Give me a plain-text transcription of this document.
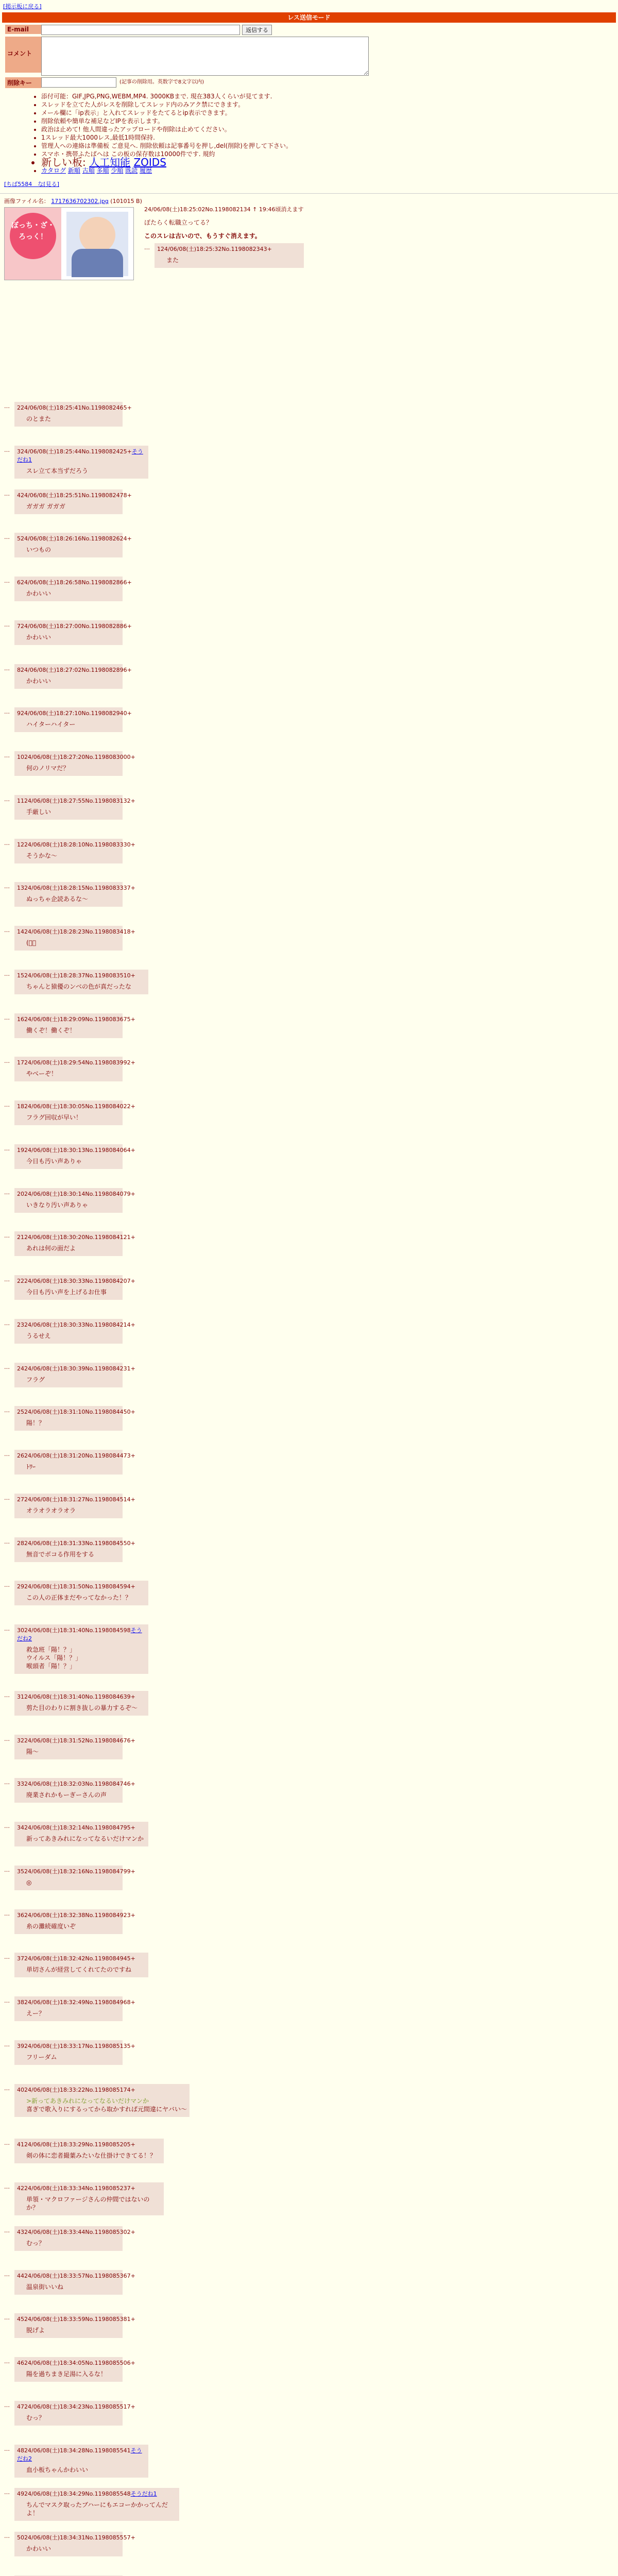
[掲示板に戻る]
レス送信モード
E-mail	返信する
コメント
削除キー	(記事の削除用。英数字で8文字以内)
• 添付可能：GIF,JPG,PNG,WEBM,MP4. 3000KBまで. 現在383人くらいが見てます.
• スレッドを立てた人がレスを削除してスレッド内のみアク禁にできます。
• メール欄に「ip表示」と入れてスレッドをたてるとip表示できます。
• 削除依頼や簡単な補足などIPを表示します。
• 政治は止めて! 他人間違ったアップロードや削除は止めてください。
• 1スレッド最大1000レス,最低1時間保持.
• 管理人への連絡は準備板 ご意見へ. 削除依頼は記事番号を押し,del(削除)を押して下さい。
• スマホ・携帯ふたばへは この板の保存数は10000件です. 規約
• 新しい板: 人工知能 ZOIDS
• カタログ 新順 古順 多順 少順 既読 履歴
[ちば5584　な[見る]
画像ファイル名： 1717636702302.jpg (101015 B)
ぼっち・ざ・ろっく！
24/06/08(土)18:25:02No.1198082134 ↑ 19:46頃消えます
ぼたらく転職立ってる？
このスレは古いので、もうすぐ消えます。
…	124/06/08(土)18:25:32No.1198082343+
また
…	224/06/08(土)18:25:41No.1198082465+
のとまた
…	324/06/08(土)18:25:44No.1198082425+そうだね1
スレ立て本当ずだろう
…	424/06/08(土)18:25:51No.1198082478+
ガガガ ガガガ
…	524/06/08(土)18:26:16No.1198082624+
いつもの
…	624/06/08(土)18:26:58No.1198082866+
かわいい
…	724/06/08(土)18:27:00No.1198082886+
かわいい
…	824/06/08(土)18:27:02No.1198082896+
かわいい
…	924/06/08(土)18:27:10No.1198082940+
ハイターハイター
…	1024/06/08(土)18:27:20No.1198083000+
何のノリマだ？
…	1124/06/08(土)18:27:55No.1198083132+
手厳しい
…	1224/06/08(土)18:28:10No.1198083330+
そうかな～
…	1324/06/08(土)18:28:15No.1198083337+
ぬっちゃ企読あるな～
…	1424/06/08(土)18:28:23No.1198083418+
(ﾟ～
…	1524/06/08(土)18:28:37No.1198083510+
ちゃんと猿優のンベの色が真だったな
…	1624/06/08(土)18:29:09No.1198083675+
働くぞ！働くぞ！
…	1724/06/08(土)18:29:54No.1198083992+
やべーぞ！
…	1824/06/08(土)18:30:05No.1198084022+
フラグ回収が早い！
…	1924/06/08(土)18:30:13No.1198084064+
今日も汚い声ありゃ
…	2024/06/08(土)18:30:14No.1198084079+
いきなり汚い声ありゃ
…	2124/06/08(土)18:30:20No.1198084121+
あれは何の面だよ
…	2224/06/08(土)18:30:33No.1198084207+
今日も汚い声を上げるお仕事
…	2324/06/08(土)18:30:33No.1198084214+
うるせえ
…	2424/06/08(土)18:30:39No.1198084231+
フラグ
…	2524/06/08(土)18:31:10No.1198084450+
陽！？
…	2624/06/08(土)18:31:20No.1198084473+
ﾄﾜｰ
…	2724/06/08(土)18:31:27No.1198084514+
オラオラオラオラ
…	2824/06/08(土)18:31:33No.1198084550+
無音でボコる作用をする
…	2924/06/08(土)18:31:50No.1198084594+
この人の正体まだやってなかった！？
…	3024/06/08(土)18:31:40No.1198084598そうだね2
救急班「陽！？」
ウイルス「陽！？」
喉頭者「陽！？」
…	3124/06/08(土)18:31:40No.1198084639+
剪た目のわりに割き抜しの暴力するぞ～
…	3224/06/08(土)18:31:52No.1198084676+
陽～
…	3324/06/08(土)18:32:03No.1198084746+
廃業されかもーぎーさんの声
…	3424/06/08(土)18:32:14No.1198084795+
新ってあきみれになってなるいだけマンか
…	3524/06/08(土)18:32:16No.1198084799+
◎
…	3624/06/08(土)18:32:38No.1198084923+
糸の灘続確度いぞ
…	3724/06/08(土)18:32:42No.1198084945+
単切さんが経営してくれてたのですね
…	3824/06/08(土)18:32:49No.1198084968+
えー？
…	3924/06/08(土)18:33:17No.1198085135+
フリーダム
…	4024/06/08(土)18:33:22No.1198085174+
>新ってあきみれになってなるいだけマンか
喜ぎで歌入りにするってから取かすれば元間違にヤバい～
…	4124/06/08(土)18:33:29No.1198085205+
剣の体に恋者撮葉みたいな仕掛けできてる！？
…	4224/06/08(土)18:33:34No.1198085237+
単領・マクロファージさんの仲間ではないのか？
…	4324/06/08(土)18:33:44No.1198085302+
むっ？
…	4424/06/08(土)18:33:57No.1198085367+
温泉街いいね
…	4524/06/08(土)18:33:59No.1198085381+
脱げよ
…	4624/06/08(土)18:34:05No.1198085506+
陽を過ちまき足湯に入るな！
…	4724/06/08(土)18:34:23No.1198085517+
むっ？
…	4824/06/08(土)18:34:28No.1198085541そうだね2
血小板ちゃんかわいい
…	4924/06/08(土)18:34:29No.1198085548そうだね1
ちんでマスク取ったブハーにもエコーかかってんだよ！
…	5024/06/08(土)18:34:31No.1198085557+
かわいい
